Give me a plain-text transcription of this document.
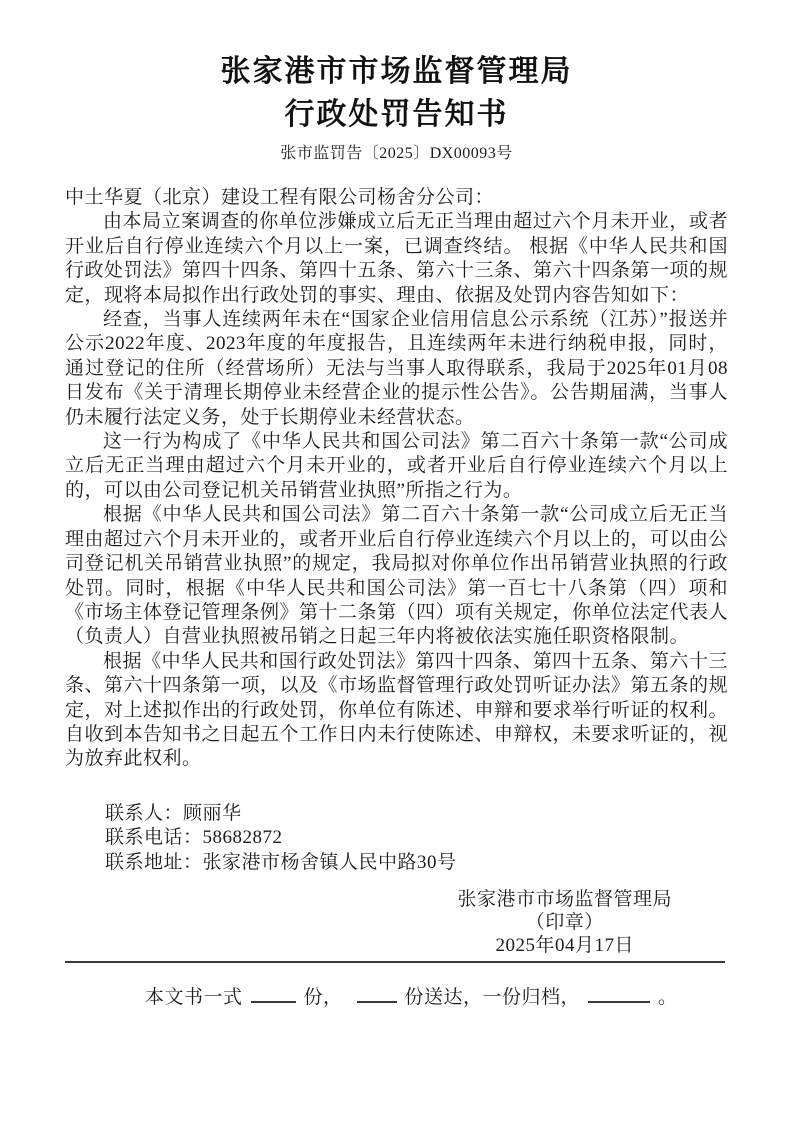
张家港市市场监督管理局
行政处罚告知书
张市监罚告〔2025〕DX00093号
中土华夏（北京）建设工程有限公司杨舍分公司：
由本局立案调查的你单位涉嫌成立后无正当理由超过六个月未开业，或者开业后自行停业连续六个月以上一案，已调查终结。 根据《中华人民共和国行政处罚法》第四十四条、第四十五条、第六十三条、第六十四条第一项的规定，现将本局拟作出行政处罚的事实、理由、依据及处罚内容告知如下：
经查，当事人连续两年未在“国家企业信用信息公示系统（江苏）”报送并公示2022年度、2023年度的年度报告，且连续两年未进行纳税申报，同时，通过登记的住所（经营场所）无法与当事人取得联系，我局于2025年01月08日发布《关于清理长期停业未经营企业的提示性公告》。公告期届满，当事人仍未履行法定义务，处于长期停业未经营状态。
这一行为构成了《中华人民共和国公司法》第二百六十条第一款“公司成立后无正当理由超过六个月未开业的，或者开业后自行停业连续六个月以上的，可以由公司登记机关吊销营业执照”所指之行为。
根据《中华人民共和国公司法》第二百六十条第一款“公司成立后无正当理由超过六个月未开业的，或者开业后自行停业连续六个月以上的，可以由公司登记机关吊销营业执照”的规定，我局拟对你单位作出吊销营业执照的行政处罚。同时，根据《中华人民共和国公司法》第一百七十八条第（四）项和《市场主体登记管理条例》第十二条第（四）项有关规定，你单位法定代表人（负责人）自营业执照被吊销之日起三年内将被依法实施任职资格限制。
根据《中华人民共和国行政处罚法》第四十四条、第四十五条、第六十三条、第六十四条第一项，以及《市场监督管理行政处罚听证办法》第五条的规定，对上述拟作出的行政处罚，你单位有陈述、申辩和要求举行听证的权利。自收到本告知书之日起五个工作日内未行使陈述、申辩权，未要求听证的，视为放弃此权利。
联系人：顾丽华
联系电话：58682872
联系地址：张家港市杨舍镇人民中路30号
张家港市市场监督管理局
（印章）
2025年04月17日
本文书一式	份，	份送达，一份归档，	。
